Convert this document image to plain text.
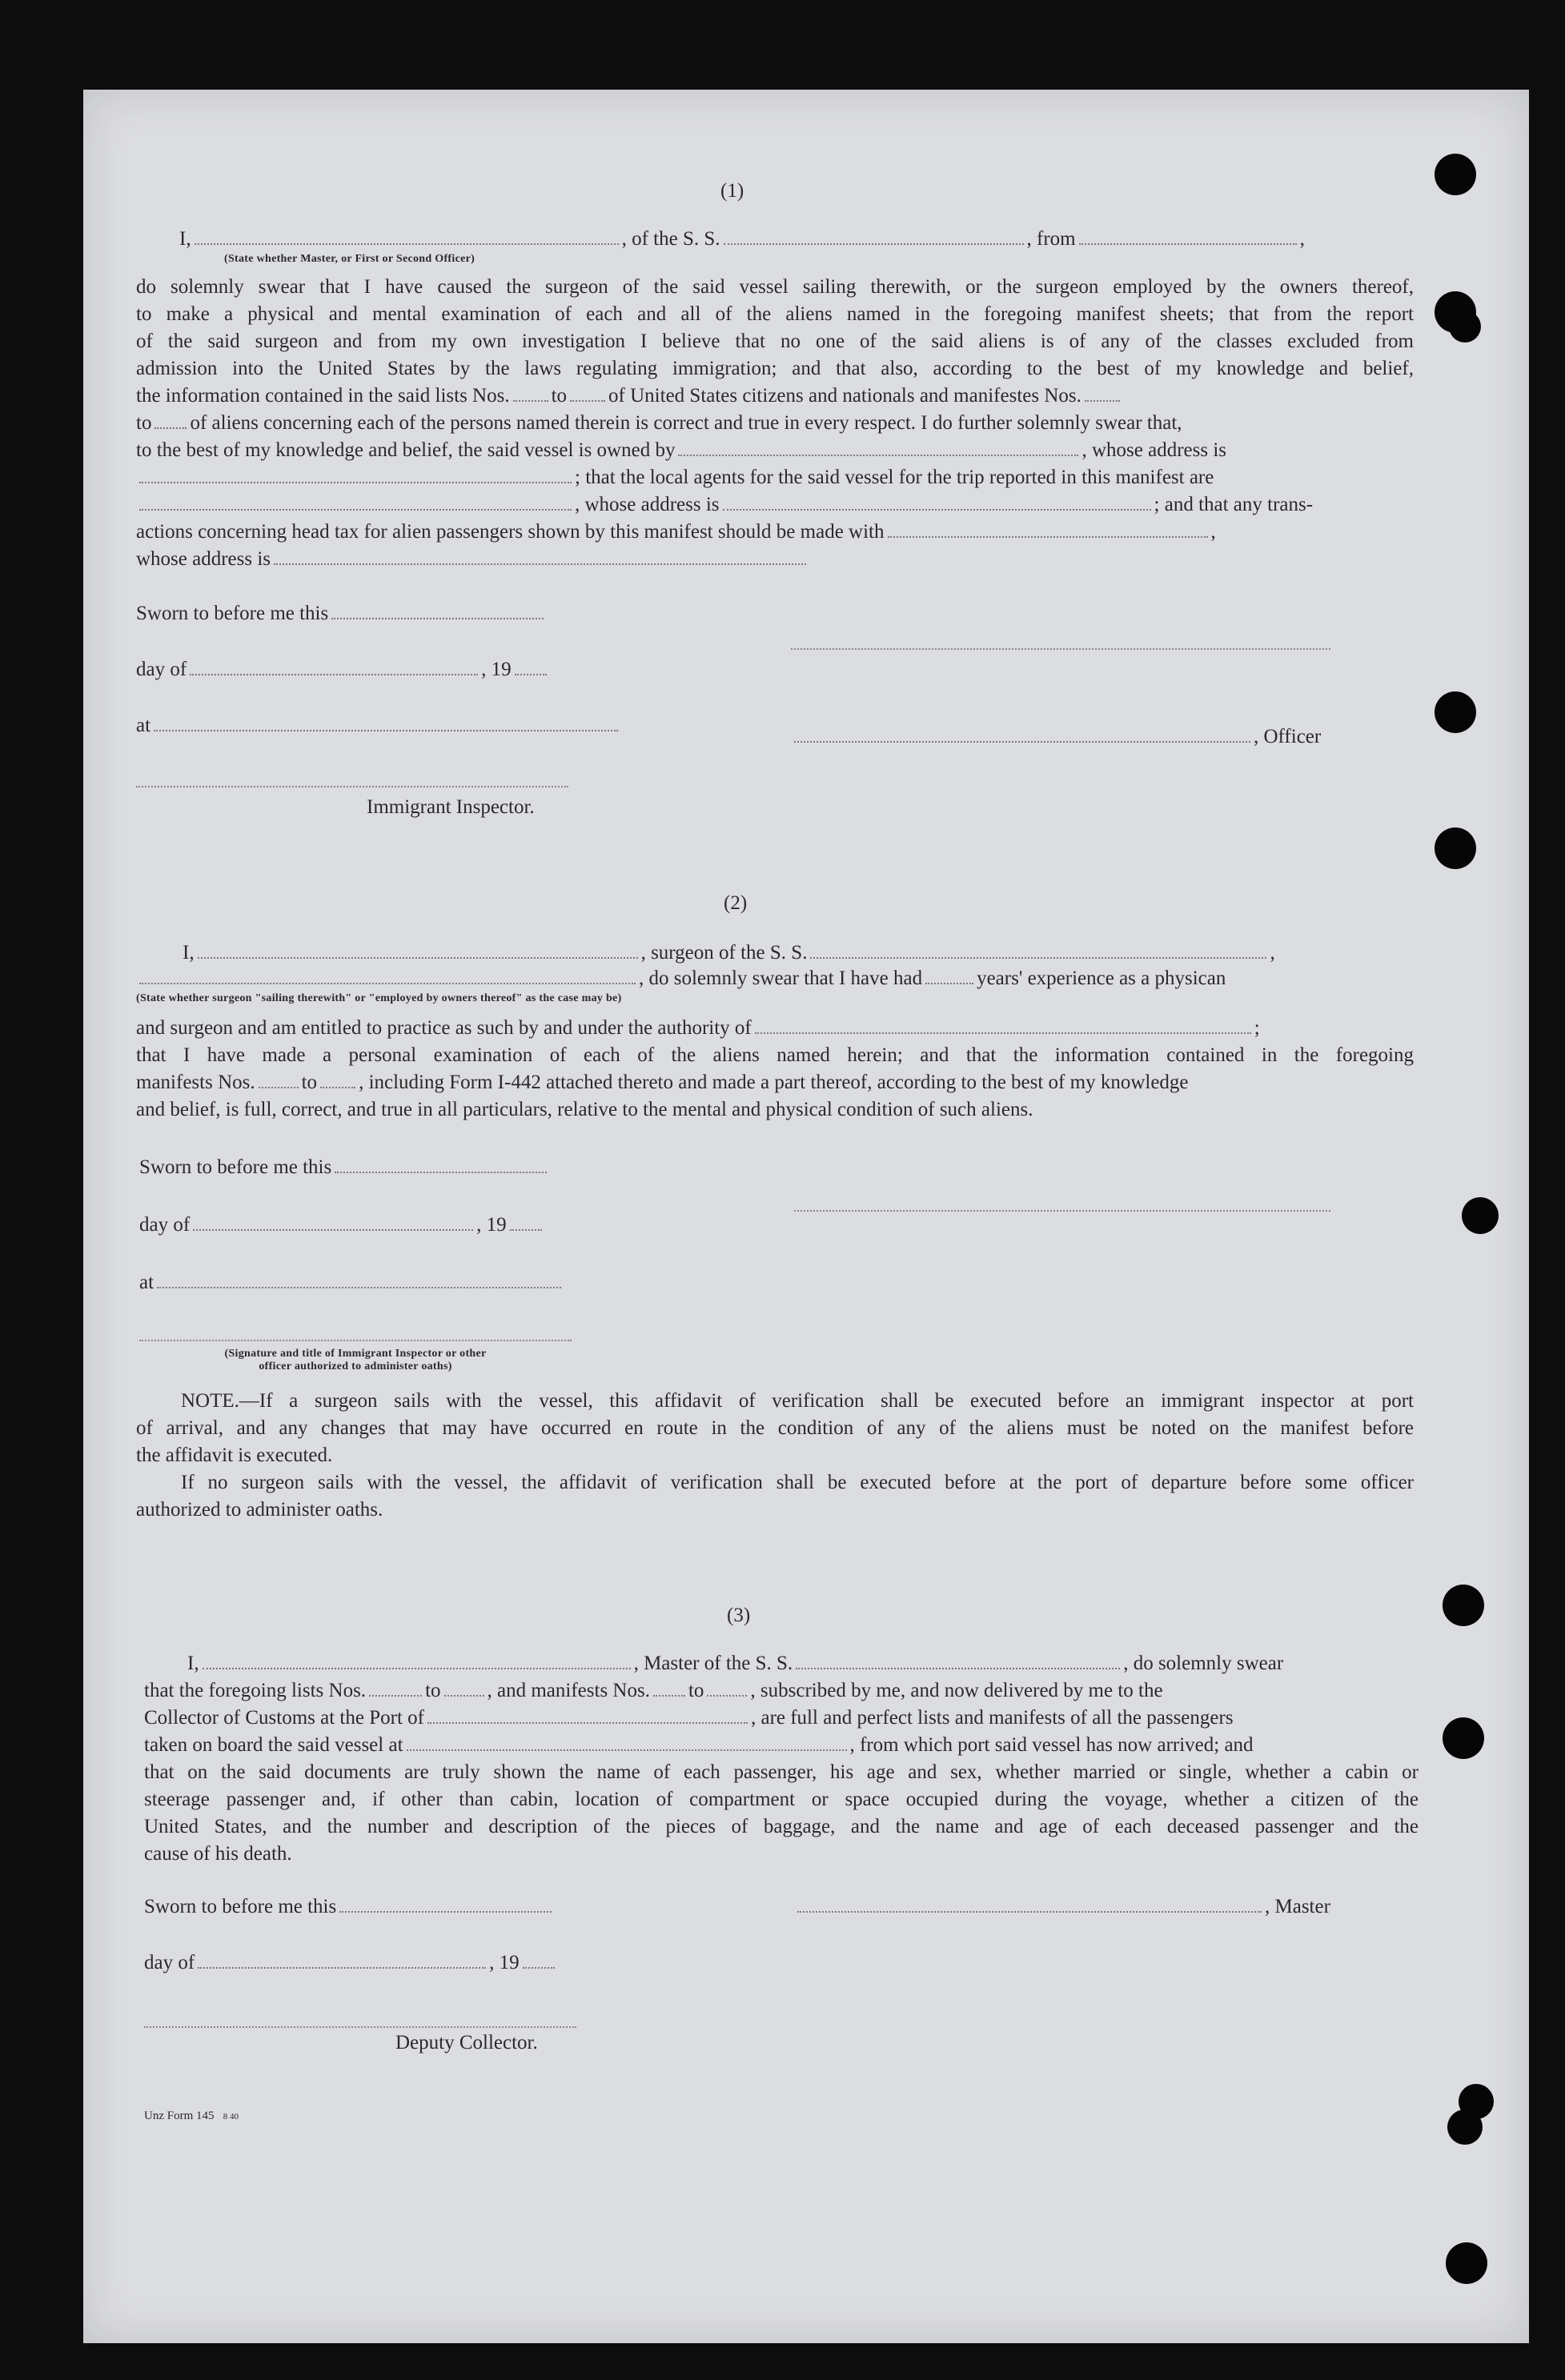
​
(1)
I,	, of the S. S.	, from	,
(State whether Master, or First or Second Officer)
do solemnly swear that I have caused the surgeon of the said vessel sailing therewith, or the surgeon employed by the owners thereof,
to make a physical and mental examination of each and all of the aliens named in the foregoing manifest sheets; that from the report
of the said surgeon and from my own investigation I believe that no one of the said aliens is of any of the classes excluded from
admission into the United States by the laws regulating immigration; and that also, according to the best of my knowledge and belief,
the information contained in the said lists Nos. to of United States citizens and nationals and manifestes Nos.
to of aliens concerning each of the persons named therein is correct and true in every respect. I do further solemnly swear that,
to the best of my knowledge and belief, the said vessel is owned by	, whose address is
; that the local agents for the said vessel for the trip reported in this manifest are
, whose address is	; and that any trans-
actions concerning head tax for alien passengers shown by this manifest should be made with	,
whose address is
Sworn to before me this
day of	, 19
at
, Officer
Immigrant Inspector.
(2)
I,	, surgeon of the S. S.	,
, do solemnly swear that I have had	years' experience as a physican
(State whether surgeon "sailing therewith" or "employed by owners thereof" as the case may be)
and surgeon and am entitled to practice as such by and under the authority of	;
that I have made a personal examination of each of the aliens named herein; and that the information contained in the foregoing
manifests Nos. to , including Form I-442 attached thereto and made a part thereof, according to the best of my knowledge
and belief, is full, correct, and true in all particulars, relative to the mental and physical condition of such aliens.
Sworn to before me this
day of	, 19
at
(Signature and title of Immigrant Inspector or other
officer authorized to administer oaths)
NOTE.—If a surgeon sails with the vessel, this affidavit of verification shall be executed before an immigrant inspector at port
of arrival, and any changes that may have occurred en route in the condition of any of the aliens must be noted on the manifest before
the affidavit is executed.
If no surgeon sails with the vessel, the affidavit of verification shall be executed before at the port of departure before some officer
authorized to administer oaths.
(3)
I,	, Master of the S. S.	, do solemnly swear
that the foregoing lists Nos.	to , and manifests Nos. to , subscribed by me, and now delivered by me to the
Collector of Customs at the Port of	, are full and perfect lists and manifests of all the passengers
taken on board the said vessel at	, from which port said vessel has now arrived; and
that on the said documents are truly shown the name of each passenger, his age and sex, whether married or single, whether a cabin or
steerage passenger and, if other than cabin, location of compartment or space occupied during the voyage, whether a citizen of the
United States, and the number and description of the pieces of baggage, and the name and age of each deceased passenger and the
cause of his death.
Sworn to before me this	, Master
day of	, 19
Deputy Collector.
Unz Form 145 8 40
